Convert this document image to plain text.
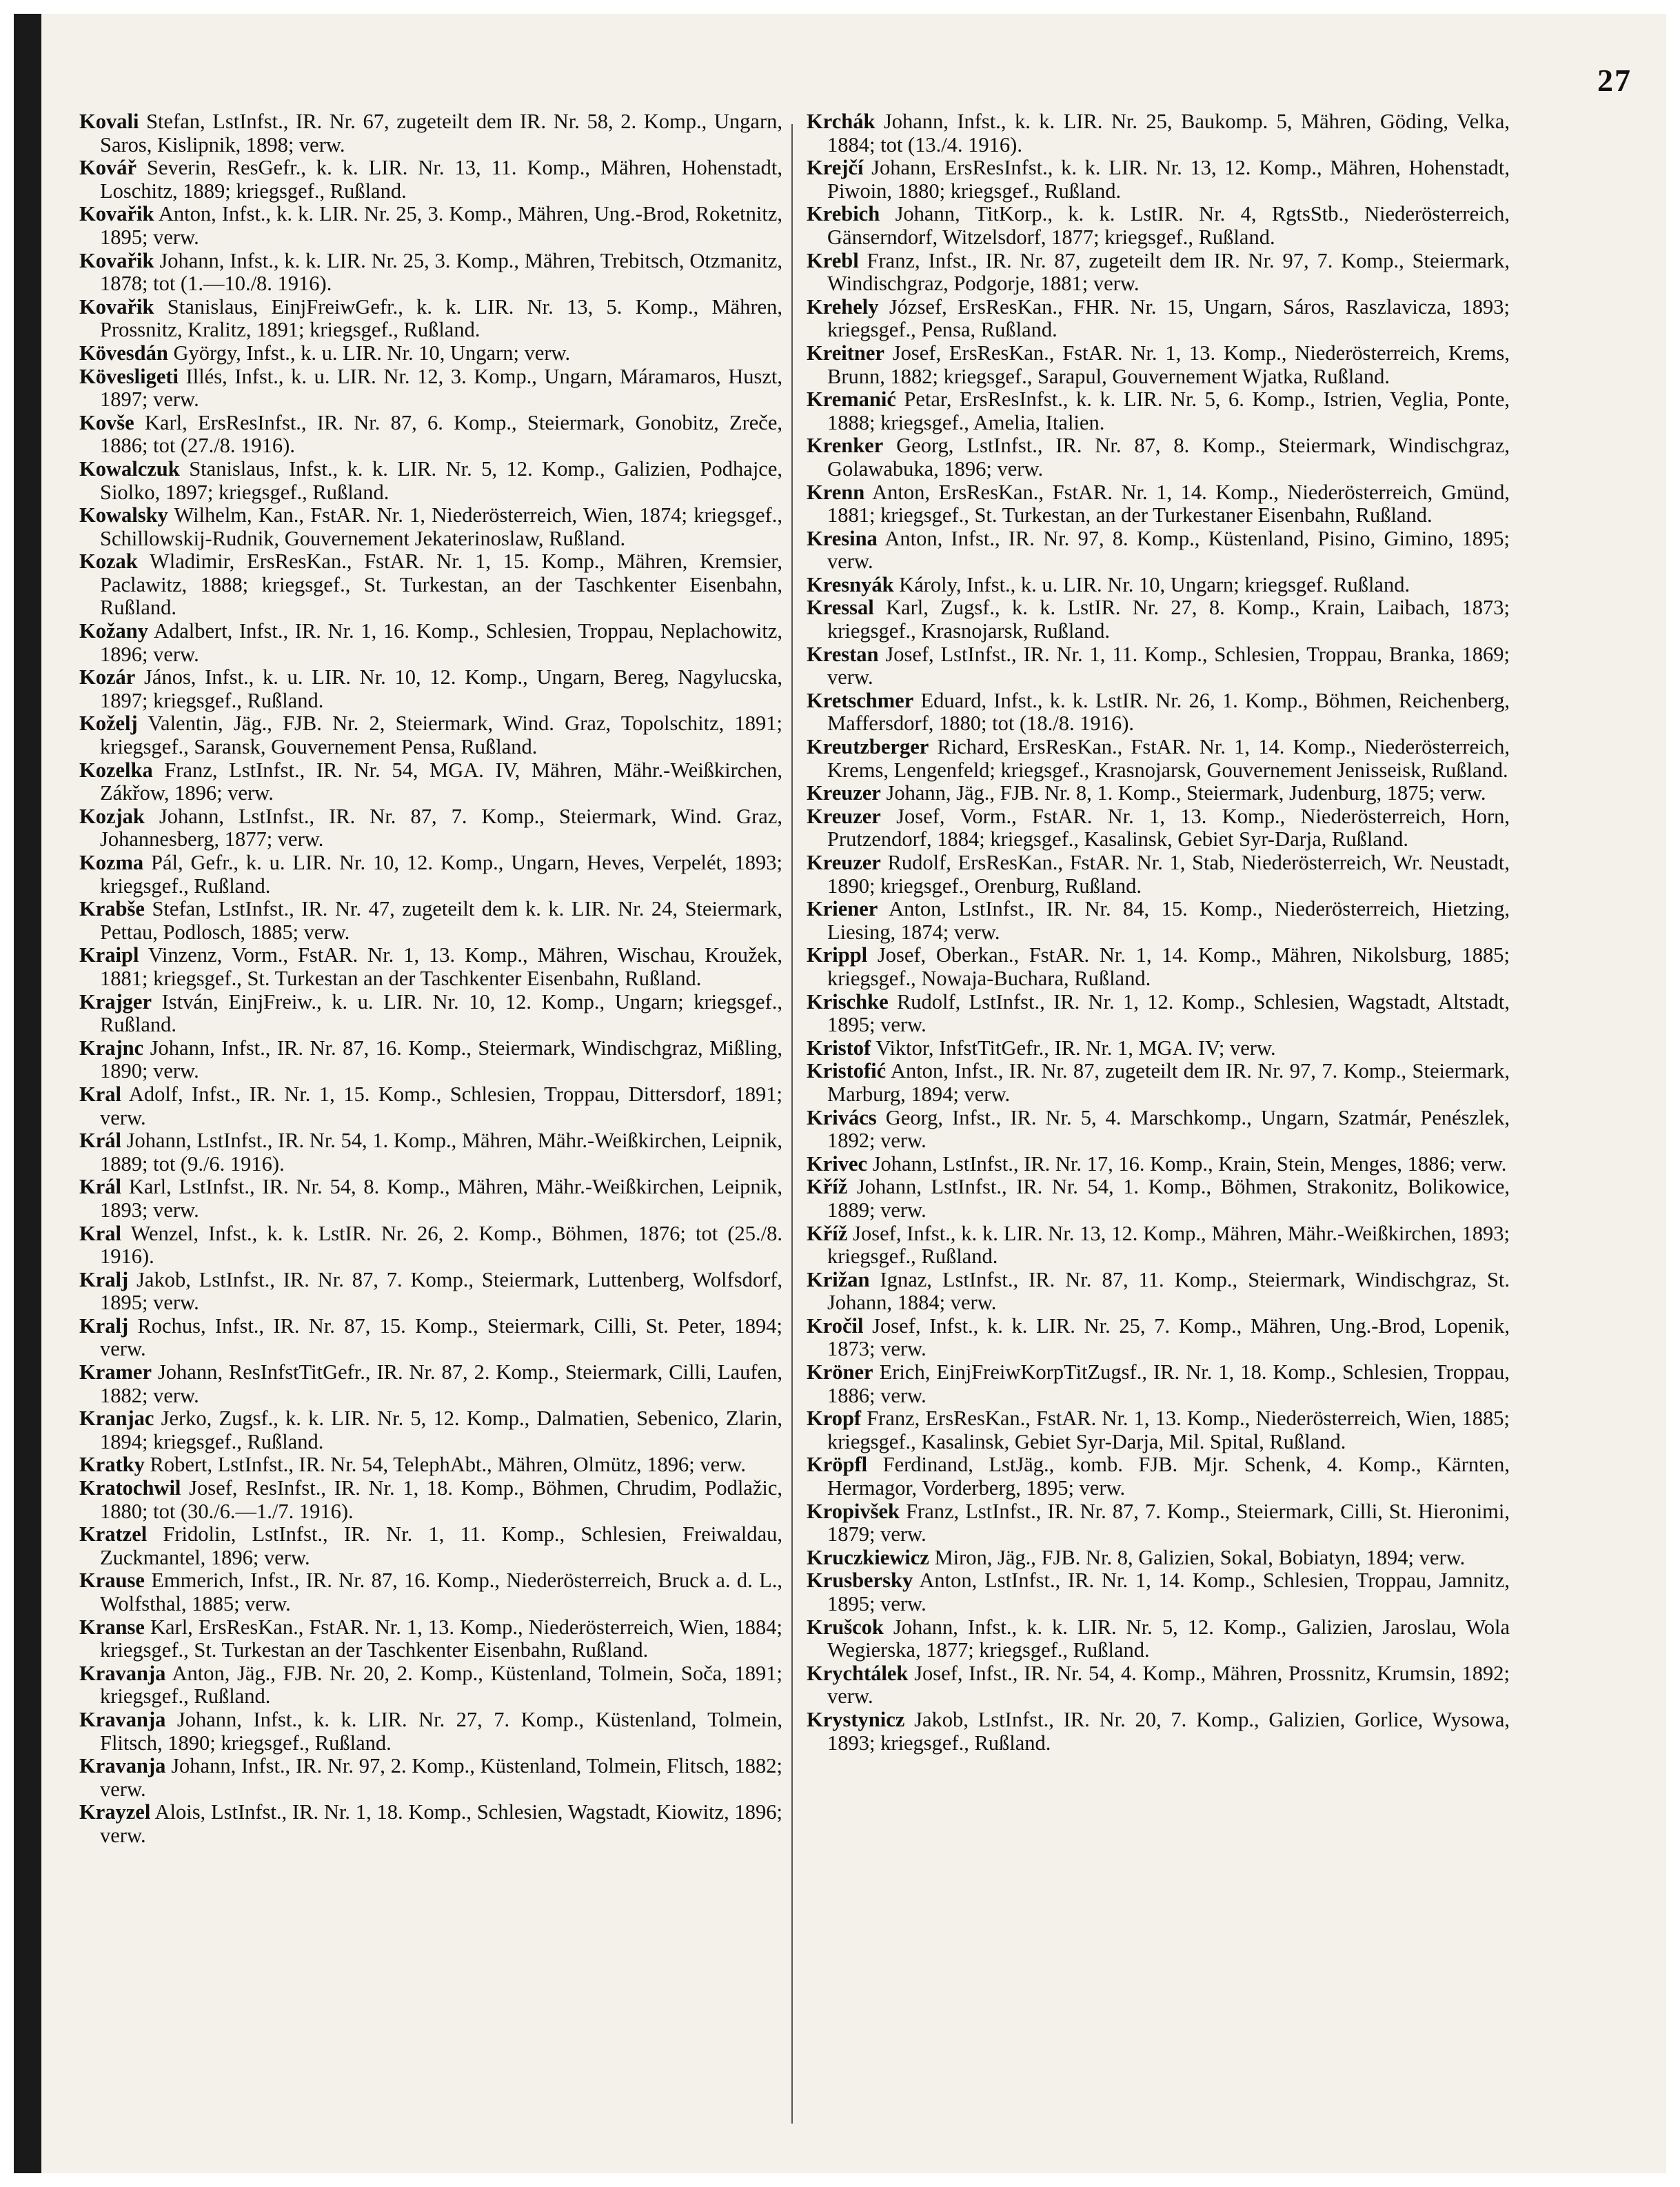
27

Kovali Stefan, LstInfst., IR. Nr. 67, zugeteilt dem IR. Nr. 58, 2. Komp., Ungarn, Saros, Kislipnik, 1898; verw.

Kovář Severin, ResGefr., k. k. LIR. Nr. 13, 11. Komp., Mähren, Hohenstadt, Loschitz, 1889; kriegsgef., Rußland.

Kovařik Anton, Infst., k. k. LIR. Nr. 25, 3. Komp., Mähren, Ung.-Brod, Roketnitz, 1895; verw.

Kovařik Johann, Infst., k. k. LIR. Nr. 25, 3. Komp., Mähren, Trebitsch, Otzmanitz, 1878; tot (1.—10./8. 1916).

Kovařik Stanislaus, EinjFreiwGefr., k. k. LIR. Nr. 13, 5. Komp., Mähren, Prossnitz, Kralitz, 1891; kriegsgef., Rußland.

Kövesdán György, Infst., k. u. LIR. Nr. 10, Ungarn; verw.

Kövesligeti Illés, Infst., k. u. LIR. Nr. 12, 3. Komp., Ungarn, Máramaros, Huszt, 1897; verw.

Kovše Karl, ErsResInfst., IR. Nr. 87, 6. Komp., Steiermark, Gonobitz, Zreče, 1886; tot (27./8. 1916).

Kowalczuk Stanislaus, Infst., k. k. LIR. Nr. 5, 12. Komp., Galizien, Podhajce, Siolko, 1897; kriegsgef., Rußland.

Kowalsky Wilhelm, Kan., FstAR. Nr. 1, Niederösterreich, Wien, 1874; kriegsgef., Schillowskij-Rudnik, Gouvernement Jekaterinoslaw, Rußland.

Kozak Wladimir, ErsResKan., FstAR. Nr. 1, 15. Komp., Mähren, Kremsier, Paclawitz, 1888; kriegsgef., St. Turkestan, an der Taschkenter Eisenbahn, Rußland.

Kožany Adalbert, Infst., IR. Nr. 1, 16. Komp., Schlesien, Troppau, Neplachowitz, 1896; verw.

Kozár János, Infst., k. u. LIR. Nr. 10, 12. Komp., Ungarn, Bereg, Nagylucska, 1897; kriegsgef., Rußland.

Koželj Valentin, Jäg., FJB. Nr. 2, Steiermark, Wind. Graz, Topolschitz, 1891; kriegsgef., Saransk, Gouvernement Pensa, Rußland.

Kozelka Franz, LstInfst., IR. Nr. 54, MGA. IV, Mähren, Mähr.-Weißkirchen, Zákřow, 1896; verw.

Kozjak Johann, LstInfst., IR. Nr. 87, 7. Komp., Steiermark, Wind. Graz, Johannesberg, 1877; verw.

Kozma Pál, Gefr., k. u. LIR. Nr. 10, 12. Komp., Ungarn, Heves, Verpelét, 1893; kriegsgef., Rußland.

Krabše Stefan, LstInfst., IR. Nr. 47, zugeteilt dem k. k. LIR. Nr. 24, Steiermark, Pettau, Podlosch, 1885; verw.

Kraipl Vinzenz, Vorm., FstAR. Nr. 1, 13. Komp., Mähren, Wischau, Kroužek, 1881; kriegsgef., St. Turkestan an der Taschkenter Eisenbahn, Rußland.

Krajger István, EinjFreiw., k. u. LIR. Nr. 10, 12. Komp., Ungarn; kriegsgef., Rußland.

Krajnc Johann, Infst., IR. Nr. 87, 16. Komp., Steiermark, Windischgraz, Mißling, 1890; verw.

Kral Adolf, Infst., IR. Nr. 1, 15. Komp., Schlesien, Troppau, Dittersdorf, 1891; verw.

Král Johann, LstInfst., IR. Nr. 54, 1. Komp., Mähren, Mähr.-Weißkirchen, Leipnik, 1889; tot (9./6. 1916).

Král Karl, LstInfst., IR. Nr. 54, 8. Komp., Mähren, Mähr.-Weißkirchen, Leipnik, 1893; verw.

Kral Wenzel, Infst., k. k. LstIR. Nr. 26, 2. Komp., Böhmen, 1876; tot (25./8. 1916).

Kralj Jakob, LstInfst., IR. Nr. 87, 7. Komp., Steiermark, Luttenberg, Wolfsdorf, 1895; verw.

Kralj Rochus, Infst., IR. Nr. 87, 15. Komp., Steiermark, Cilli, St. Peter, 1894; verw.

Kramer Johann, ResInfstTitGefr., IR. Nr. 87, 2. Komp., Steiermark, Cilli, Laufen, 1882; verw.

Kranjac Jerko, Zugsf., k. k. LIR. Nr. 5, 12. Komp., Dalmatien, Sebenico, Zlarin, 1894; kriegsgef., Rußland.

Kratky Robert, LstInfst., IR. Nr. 54, TelephAbt., Mähren, Olmütz, 1896; verw.

Kratochwil Josef, ResInfst., IR. Nr. 1, 18. Komp., Böhmen, Chrudim, Podlažic, 1880; tot (30./6.—1./7. 1916).

Kratzel Fridolin, LstInfst., IR. Nr. 1, 11. Komp., Schlesien, Freiwaldau, Zuckmantel, 1896; verw.

Krause Emmerich, Infst., IR. Nr. 87, 16. Komp., Niederösterreich, Bruck a. d. L., Wolfsthal, 1885; verw.

Kranse Karl, ErsResKan., FstAR. Nr. 1, 13. Komp., Niederösterreich, Wien, 1884; kriegsgef., St. Turkestan an der Taschkenter Eisenbahn, Rußland.

Kravanja Anton, Jäg., FJB. Nr. 20, 2. Komp., Küstenland, Tolmein, Soča, 1891; kriegsgef., Rußland.

Kravanja Johann, Infst., k. k. LIR. Nr. 27, 7. Komp., Küstenland, Tolmein, Flitsch, 1890; kriegsgef., Rußland.

Kravanja Johann, Infst., IR. Nr. 97, 2. Komp., Küstenland, Tolmein, Flitsch, 1882; verw.

Krayzel Alois, LstInfst., IR. Nr. 1, 18. Komp., Schlesien, Wagstadt, Kiowitz, 1896; verw.

Krchák Johann, Infst., k. k. LIR. Nr. 25, Baukomp. 5, Mähren, Göding, Velka, 1884; tot (13./4. 1916).

Krejčí Johann, ErsResInfst., k. k. LIR. Nr. 13, 12. Komp., Mähren, Hohenstadt, Piwoin, 1880; kriegsgef., Rußland.

Krebich Johann, TitKorp., k. k. LstIR. Nr. 4, RgtsStb., Niederösterreich, Gänserndorf, Witzelsdorf, 1877; kriegsgef., Rußland.

Krebl Franz, Infst., IR. Nr. 87, zugeteilt dem IR. Nr. 97, 7. Komp., Steiermark, Windischgraz, Podgorje, 1881; verw.

Krehely József, ErsResKan., FHR. Nr. 15, Ungarn, Sáros, Raszlavicza, 1893; kriegsgef., Pensa, Rußland.

Kreitner Josef, ErsResKan., FstAR. Nr. 1, 13. Komp., Niederösterreich, Krems, Brunn, 1882; kriegsgef., Sarapul, Gouvernement Wjatka, Rußland.

Kremanić Petar, ErsResInfst., k. k. LIR. Nr. 5, 6. Komp., Istrien, Veglia, Ponte, 1888; kriegsgef., Amelia, Italien.

Krenker Georg, LstInfst., IR. Nr. 87, 8. Komp., Steiermark, Windischgraz, Golawabuka, 1896; verw.

Krenn Anton, ErsResKan., FstAR. Nr. 1, 14. Komp., Niederösterreich, Gmünd, 1881; kriegsgef., St. Turkestan, an der Turkestaner Eisenbahn, Rußland.

Kresina Anton, Infst., IR. Nr. 97, 8. Komp., Küstenland, Pisino, Gimino, 1895; verw.

Kresnyák Károly, Infst., k. u. LIR. Nr. 10, Ungarn; kriegsgef. Rußland.

Kressal Karl, Zugsf., k. k. LstIR. Nr. 27, 8. Komp., Krain, Laibach, 1873; kriegsgef., Krasnojarsk, Rußland.

Krestan Josef, LstInfst., IR. Nr. 1, 11. Komp., Schlesien, Troppau, Branka, 1869; verw.

Kretschmer Eduard, Infst., k. k. LstIR. Nr. 26, 1. Komp., Böhmen, Reichenberg, Maffersdorf, 1880; tot (18./8. 1916).

Kreutzberger Richard, ErsResKan., FstAR. Nr. 1, 14. Komp., Niederösterreich, Krems, Lengenfeld; kriegsgef., Krasnojarsk, Gouvernement Jenisseisk, Rußland.

Kreuzer Johann, Jäg., FJB. Nr. 8, 1. Komp., Steiermark, Judenburg, 1875; verw.

Kreuzer Josef, Vorm., FstAR. Nr. 1, 13. Komp., Niederösterreich, Horn, Prutzendorf, 1884; kriegsgef., Kasalinsk, Gebiet Syr-Darja, Rußland.

Kreuzer Rudolf, ErsResKan., FstAR. Nr. 1, Stab, Niederösterreich, Wr. Neustadt, 1890; kriegsgef., Orenburg, Rußland.

Kriener Anton, LstInfst., IR. Nr. 84, 15. Komp., Niederösterreich, Hietzing, Liesing, 1874; verw.

Krippl Josef, Oberkan., FstAR. Nr. 1, 14. Komp., Mähren, Nikolsburg, 1885; kriegsgef., Nowaja-Buchara, Rußland.

Krischke Rudolf, LstInfst., IR. Nr. 1, 12. Komp., Schlesien, Wagstadt, Altstadt, 1895; verw.

Kristof Viktor, InfstTitGefr., IR. Nr. 1, MGA. IV; verw.

Kristofić Anton, Infst., IR. Nr. 87, zugeteilt dem IR. Nr. 97, 7. Komp., Steiermark, Marburg, 1894; verw.

Krivács Georg, Infst., IR. Nr. 5, 4. Marschkomp., Ungarn, Szatmár, Penészlek, 1892; verw.

Krivec Johann, LstInfst., IR. Nr. 17, 16. Komp., Krain, Stein, Menges, 1886; verw.

Kříž Johann, LstInfst., IR. Nr. 54, 1. Komp., Böhmen, Strakonitz, Bolikowice, 1889; verw.

Kříž Josef, Infst., k. k. LIR. Nr. 13, 12. Komp., Mähren, Mähr.-Weißkirchen, 1893; kriegsgef., Rußland.

Križan Ignaz, LstInfst., IR. Nr. 87, 11. Komp., Steiermark, Windischgraz, St. Johann, 1884; verw.

Kročil Josef, Infst., k. k. LIR. Nr. 25, 7. Komp., Mähren, Ung.-Brod, Lopenik, 1873; verw.

Kröner Erich, EinjFreiwKorpTitZugsf., IR. Nr. 1, 18. Komp., Schlesien, Troppau, 1886; verw.

Kropf Franz, ErsResKan., FstAR. Nr. 1, 13. Komp., Niederösterreich, Wien, 1885; kriegsgef., Kasalinsk, Gebiet Syr-Darja, Mil. Spital, Rußland.

Kröpfl Ferdinand, LstJäg., komb. FJB. Mjr. Schenk, 4. Komp., Kärnten, Hermagor, Vorderberg, 1895; verw.

Kropivšek Franz, LstInfst., IR. Nr. 87, 7. Komp., Steiermark, Cilli, St. Hieronimi, 1879; verw.

Kruczkiewicz Miron, Jäg., FJB. Nr. 8, Galizien, Sokal, Bobiatyn, 1894; verw.

Krusbersky Anton, LstInfst., IR. Nr. 1, 14. Komp., Schlesien, Troppau, Jamnitz, 1895; verw.

Krušcok Johann, Infst., k. k. LIR. Nr. 5, 12. Komp., Galizien, Jaroslau, Wola Wegierska, 1877; kriegsgef., Rußland.

Krychtálek Josef, Infst., IR. Nr. 54, 4. Komp., Mähren, Prossnitz, Krumsin, 1892; verw.

Krystynicz Jakob, LstInfst., IR. Nr. 20, 7. Komp., Galizien, Gorlice, Wysowa, 1893; kriegsgef., Rußland.
